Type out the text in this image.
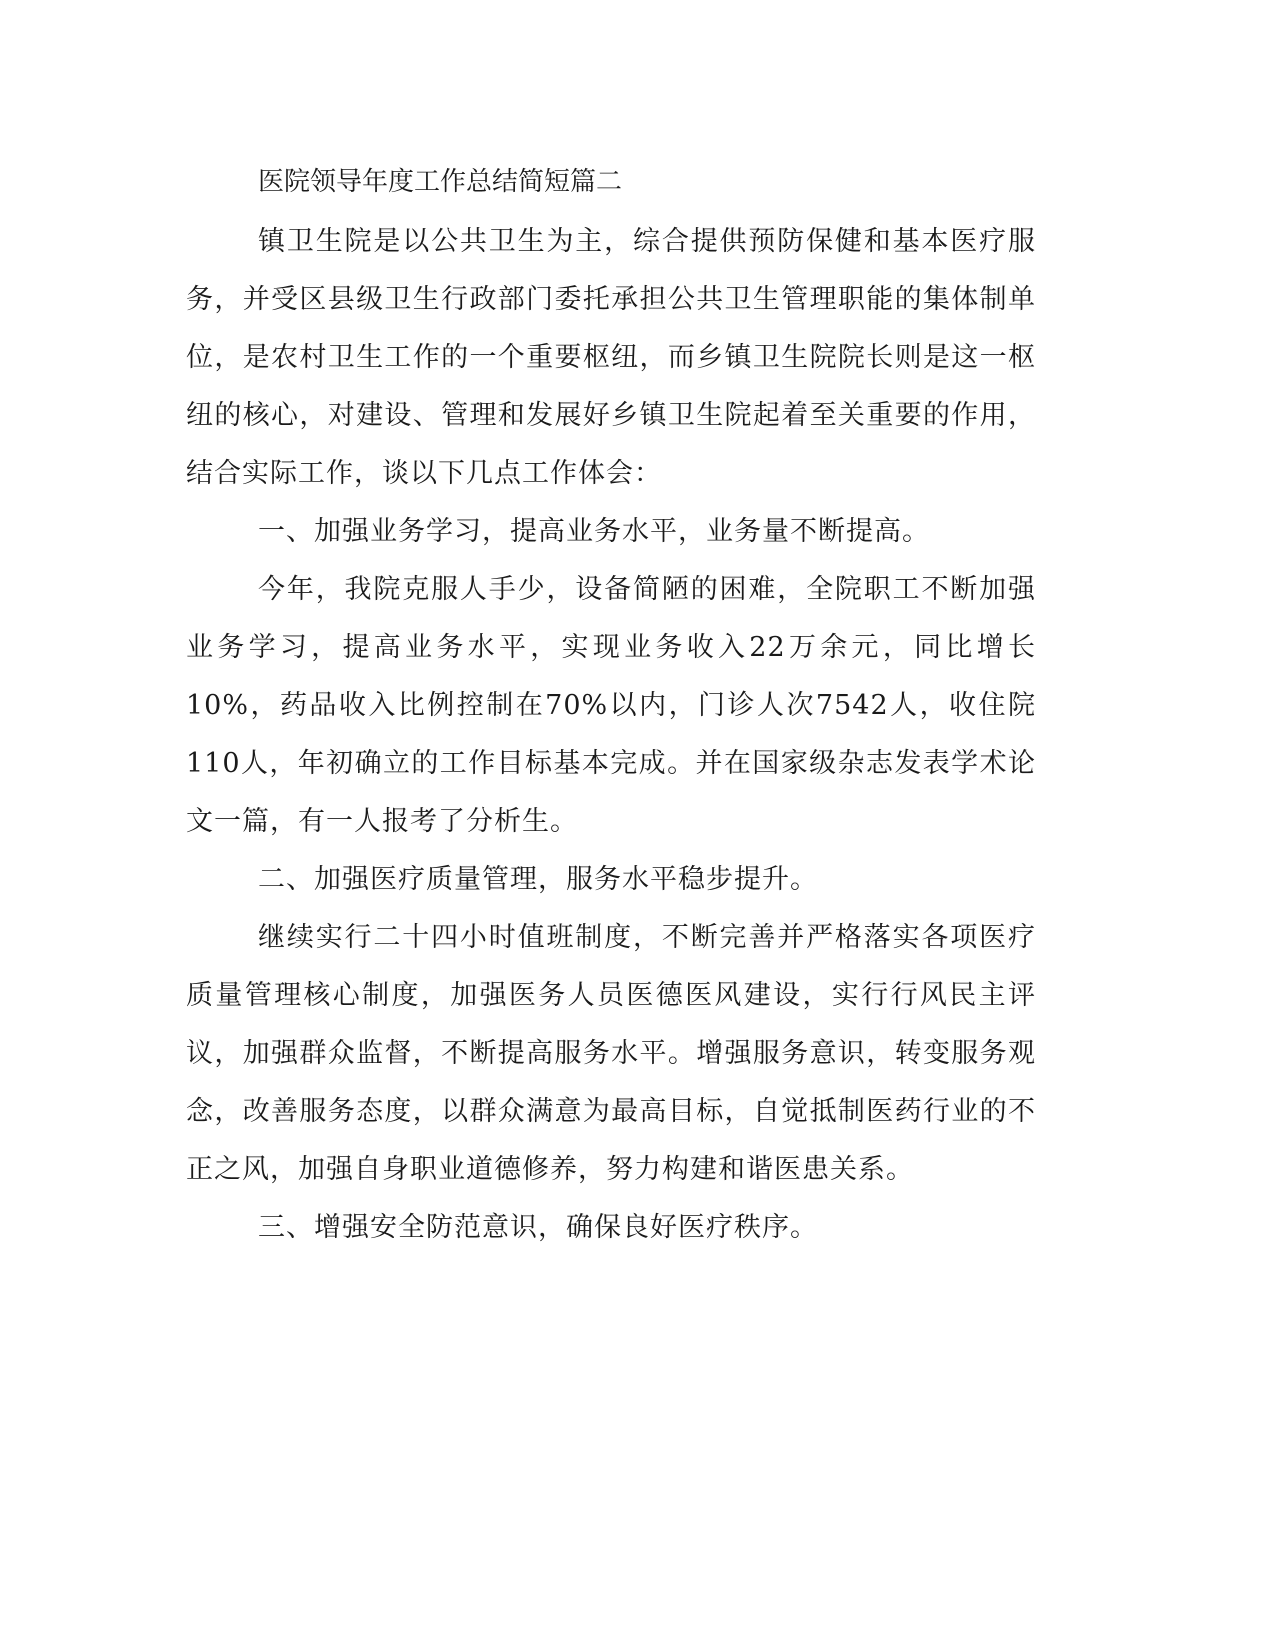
医院领导年度工作总结简短篇二

镇卫生院是以公共卫生为主，综合提供预防保健和基本医疗服务，并受区县级卫生行政部门委托承担公共卫生管理职能的集体制单位，是农村卫生工作的一个重要枢纽，而乡镇卫生院院长则是这一枢纽的核心，对建设、管理和发展好乡镇卫生院起着至关重要的作用，结合实际工作，谈以下几点工作体会：

一、加强业务学习，提高业务水平，业务量不断提高。

今年，我院克服人手少，设备简陋的困难，全院职工不断加强业务学习，提高业务水平，实现业务收入22万余元，同比增长10%，药品收入比例控制在70%以内，门诊人次7542人，收住院110人，年初确立的工作目标基本完成。并在国家级杂志发表学术论文一篇，有一人报考了分析生。

二、加强医疗质量管理，服务水平稳步提升。

继续实行二十四小时值班制度，不断完善并严格落实各项医疗质量管理核心制度，加强医务人员医德医风建设，实行行风民主评议，加强群众监督，不断提高服务水平。增强服务意识，转变服务观念，改善服务态度，以群众满意为最高目标，自觉抵制医药行业的不正之风，加强自身职业道德修养，努力构建和谐医患关系。

三、增强安全防范意识，确保良好医疗秩序。
